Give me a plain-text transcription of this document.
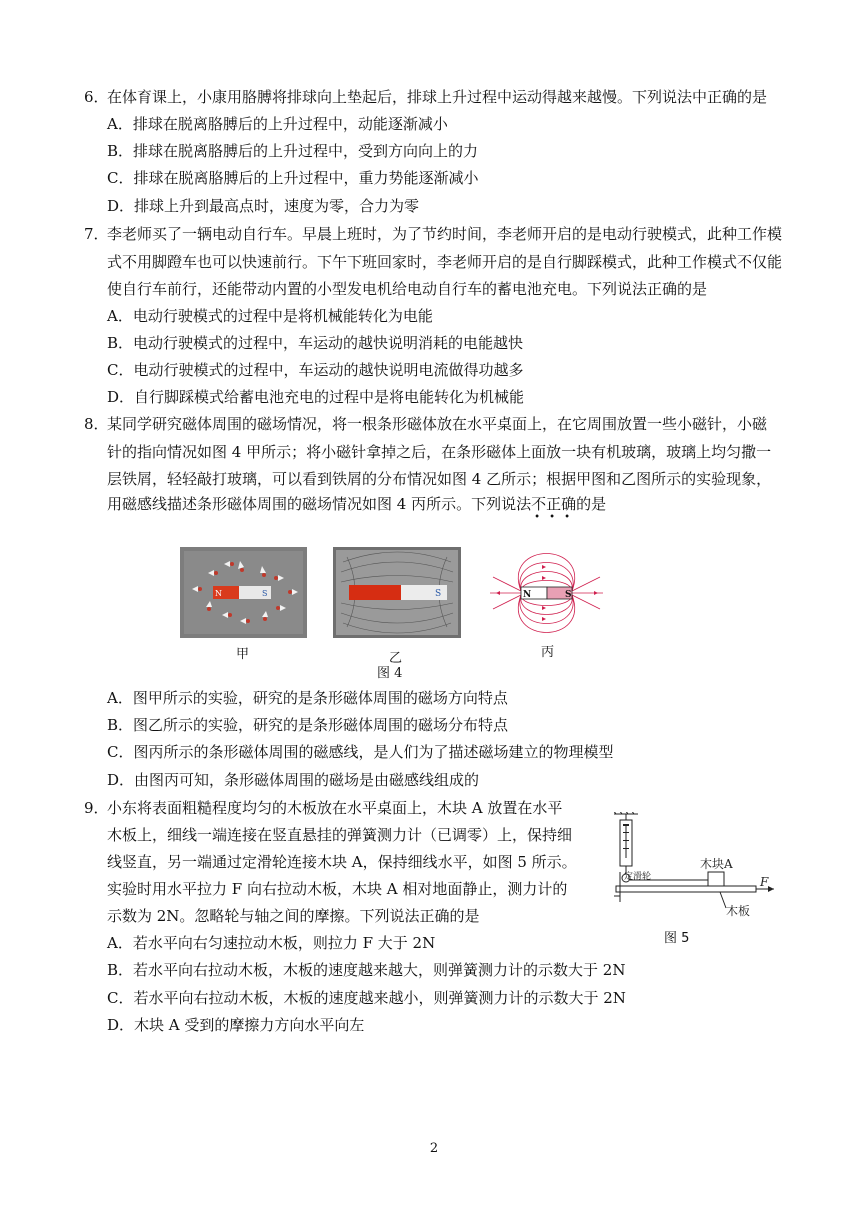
6．在体育课上，小康用胳膊将排球向上垫起后，排球上升过程中运动得越来越慢。下列说法中正确的是
A．排球在脱离胳膊后的上升过程中，动能逐渐减小
B．排球在脱离胳膊后的上升过程中，受到方向向上的力
C．排球在脱离胳膊后的上升过程中，重力势能逐渐减小
D．排球上升到最高点时，速度为零，合力为零
7．李老师买了一辆电动自行车。早晨上班时，为了节约时间，李老师开启的是电动行驶模式，此种工作模
式不用脚蹬车也可以快速前行。下午下班回家时，李老师开启的是自行脚踩模式，此种工作模式不仅能
使自行车前行，还能带动内置的小型发电机给电动自行车的蓄电池充电。下列说法正确的是
A．电动行驶模式的过程中是将机械能转化为电能
B．电动行驶模式的过程中，车运动的越快说明消耗的电能越快
C．电动行驶模式的过程中，车运动的越快说明电流做得功越多
D．自行脚踩模式给蓄电池充电的过程中是将电能转化为机械能
8．某同学研究磁体周围的磁场情况，将一根条形磁体放在水平桌面上，在它周围放置一些小磁针，小磁
针的指向情况如图 4 甲所示；将小磁针拿掉之后，在条形磁体上面放一块有机玻璃，玻璃上均匀撒一
层铁屑，轻轻敲打玻璃，可以看到铁屑的分布情况如图 4 乙所示；根据甲图和乙图所示的实验现象，
用磁感线描述条形磁体周围的磁场情况如图 4 丙所示。下列说法不正确
• • •
的是
N	S
甲
S
乙
N	S
丙
图 4
A．图甲所示的实验，研究的是条形磁体周围的磁场方向特点
B．图乙所示的实验，研究的是条形磁体周围的磁场分布特点
C．图丙所示的条形磁体周围的磁感线，是人们为了描述磁场建立的物理模型
D．由图丙可知，条形磁体周围的磁场是由磁感线组成的
9．小东将表面粗糙程度均匀的木板放在水平桌面上，木块 A 放置在水平
木板上，细线一端连接在竖直悬挂的弹簧测力计（已调零）上，保持细
线竖直，另一端通过定滑轮连接木块 A，保持细线水平，如图 5 所示。
实验时用水平拉力 F 向右拉动木板，木块 A 相对地面静止，测力计的
示数为 2N。忽略轮与轴之间的摩擦。下列说法正确的是
A．若水平向右匀速拉动木板，则拉力 F 大于 2N
B．若水平向右拉动木板，木板的速度越来越大，则弹簧测力计的示数大于 2N
C．若水平向右拉动木板，木板的速度越来越小，则弹簧测力计的示数大于 2N
D．木块 A 受到的摩擦力方向水平向左
定滑轮
木块A
F
木板
图 5
2
